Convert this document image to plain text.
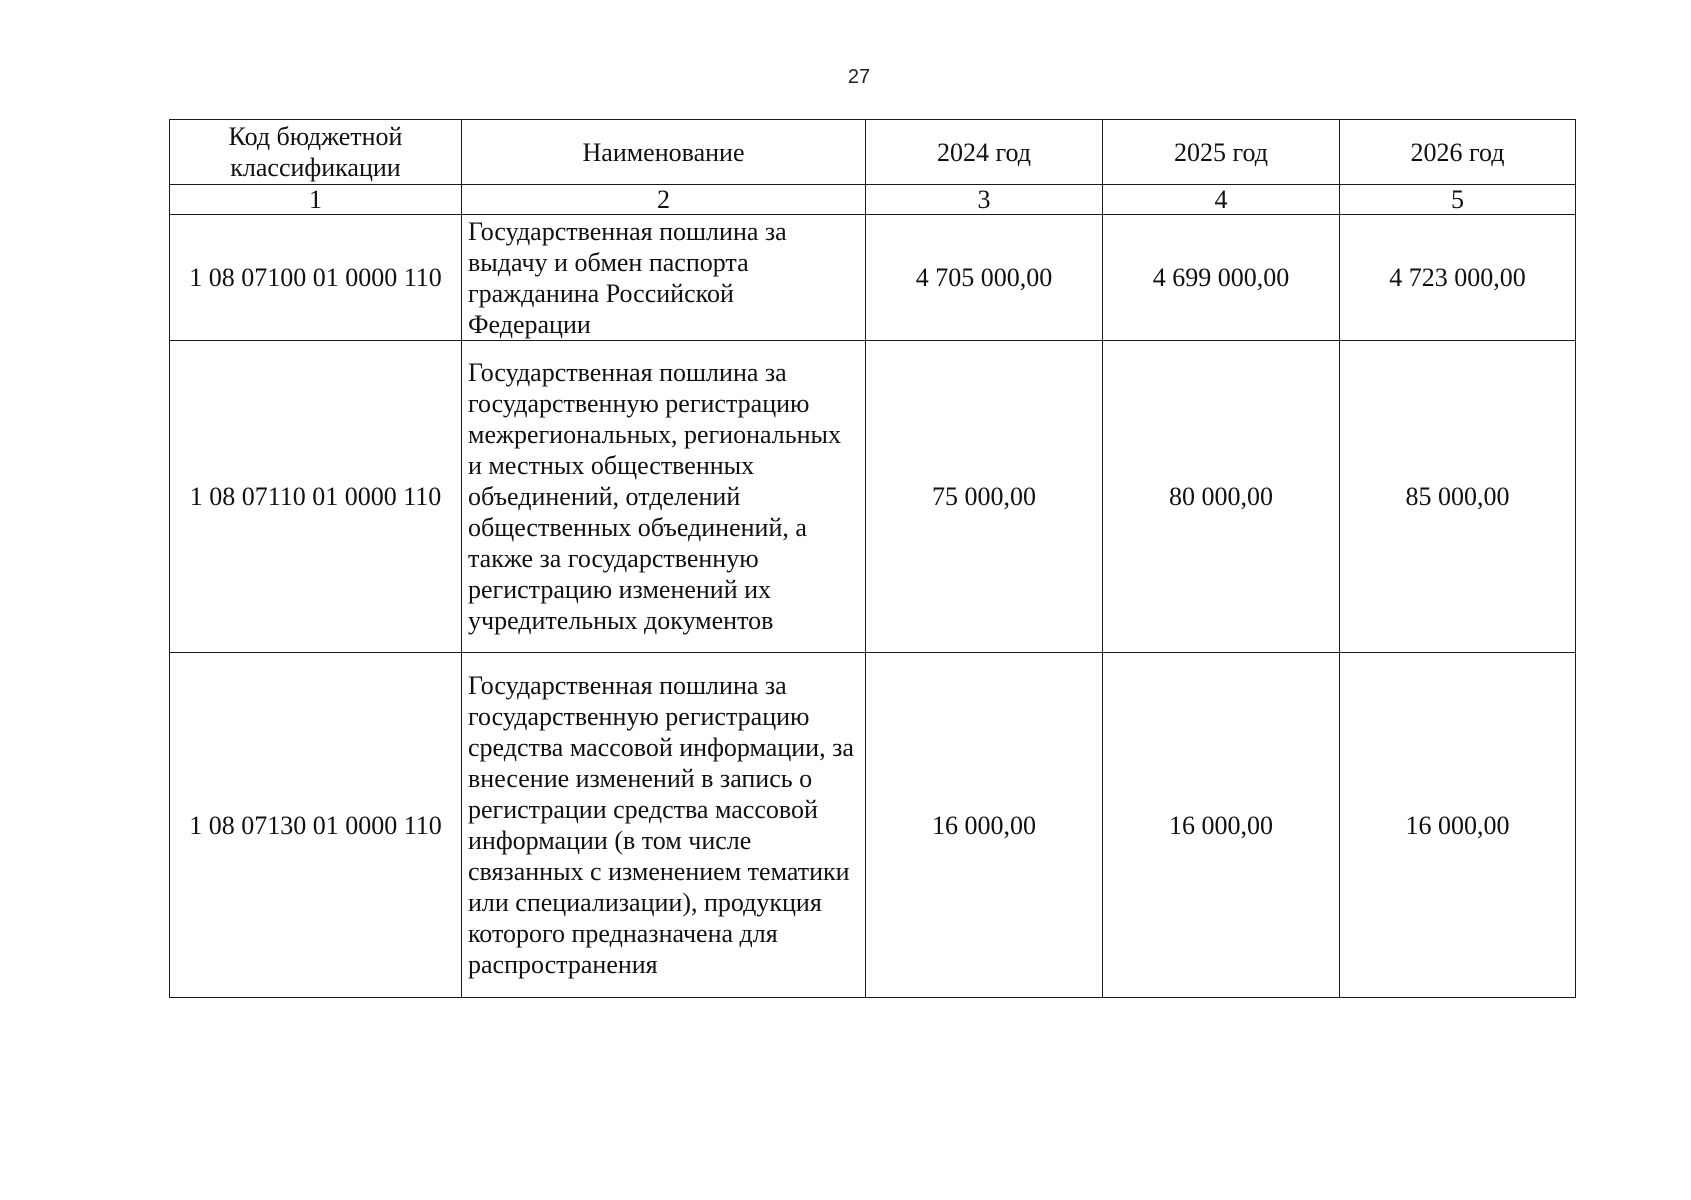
27
Код бюджетной классификации	Наименование	2024 год	2025 год	2026 год
1	2	3	4	5
1 08 07100 01 0000 110	Государственная пошлина за выдачу и обмен паспорта гражданина Российской Федерации	4 705 000,00	4 699 000,00	4 723 000,00
1 08 07110 01 0000 110	Государственная пошлина за государственную регистрацию межрегиональных, региональных и местных общественных объединений, отделений общественных объединений, а также за государственную регистрацию изменений их учредительных документов	75 000,00	80 000,00	85 000,00
1 08 07130 01 0000 110	Государственная пошлина за государственную регистрацию средства массовой информации, за внесение изменений в запись о регистрации средства массовой информации (в том числе связанных с изменением тематики или специализации), продукция которого предназначена для распространения	16 000,00	16 000,00	16 000,00
